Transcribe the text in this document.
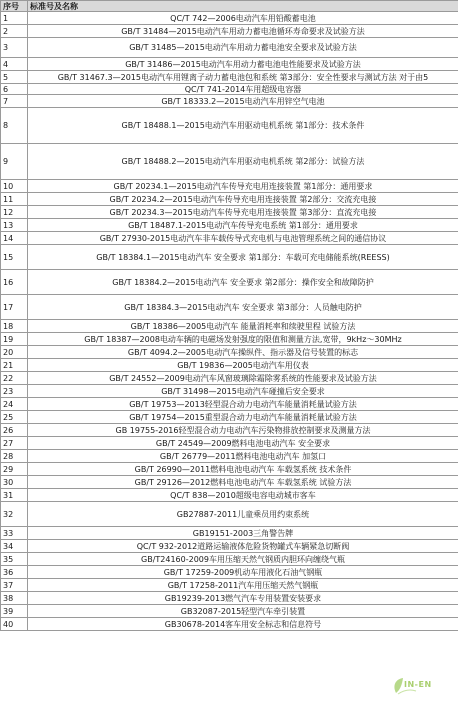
序号	标准号及名称
1	QC/T 742—2006电动汽车用铅酸蓄电池
2	GB/T 31484—2015电动汽车用动力蓄电池循环寿命要求及试验方法
3	GB/T 31485—2015电动汽车用动力蓄电池安全要求及试验方法
4	GB/T 31486—2015电动汽车用动力蓄电池电性能要求及试验方法
5	GB/T 31467.3—2015电动汽车用锂离子动力蓄电池包和系统 第3部分：安全性要求与测试方法 对于由5
6	QC/T 741-2014车用超级电容器
7	GB/T 18333.2—2015电动汽车用锌空气电池
8	GB/T 18488.1—2015电动汽车用驱动电机系统 第1部分：技术条件
9	GB/T 18488.2—2015电动汽车用驱动电机系统 第2部分：试验方法
10	GB/T 20234.1—2015电动汽车传导充电用连接装置 第1部分：通用要求
11	GB/T 20234.2—2015电动汽车传导充电用连接装置 第2部分：交流充电接
12	GB/T 20234.3—2015电动汽车传导充电用连接装置 第3部分：直流充电接
13	GB/T 18487.1-2015电动汽车传导充电系统 第1部分：通用要求
14	GB/T 27930-2015电动汽车非车载传导式充电机与电池管理系统之间的通信协议
15	GB/T 18384.1—2015电动汽车 安全要求 第1部分：车载可充电储能系统(REESS)
16	GB/T 18384.2—2015电动汽车 安全要求 第2部分：操作安全和故障防护
17	GB/T 18384.3—2015电动汽车 安全要求 第3部分：人员触电防护
18	GB/T 18386—2005电动汽车 能量消耗率和续驶里程 试验方法
19	GB/T 18387—2008电动车辆的电磁场发射强度的限值和测量方法,宽带，9kHz～30MHz
20	GB/T 4094.2—2005电动汽车操纵件、指示器及信号装置的标志
21	GB/T 19836—2005电动汽车用仪表
22	GB/T 24552—2009电动汽车风窗玻璃除霜除雾系统的性能要求及试验方法
23	GB/T 31498—2015电动汽车碰撞后安全要求
24	GB/T 19753—2013轻型混合动力电动汽车能量消耗量试验方法
25	GB/T 19754—2015重型混合动力电动汽车能量消耗量试验方法
26	GB 19755-2016轻型混合动力电动汽车污染物排放控制要求及测量方法
27	GB/T 24549—2009燃料电池电动汽车 安全要求
28	GB/T 26779—2011燃料电池电动汽车 加氢口
29	GB/T 26990—2011燃料电池电动汽车 车载氢系统 技术条件
30	GB/T 29126—2012燃料电池电动汽车 车载氢系统 试验方法
31	QC/T 838—2010超级电容电动城市客车
32	GB27887-2011儿童乘员用约束系统
33	GB19151-2003三角警告牌
34	QC/T 932-2012道路运输液体危险货物罐式车辆紧急切断阀
35	GB/T24160-2009车用压缩天然气钢质内胆环向缠绕气瓶
36	GB/T 17259-2009机动车用液化石油气钢瓶
37	GB/T 17258-2011汽车用压缩天然气钢瓶
38	GB19239-2013燃气汽车专用装置安装要求
39	GB32087-2015轻型汽车牵引装置
40	GB30678-2014客车用安全标志和信息符号
IN-EN
